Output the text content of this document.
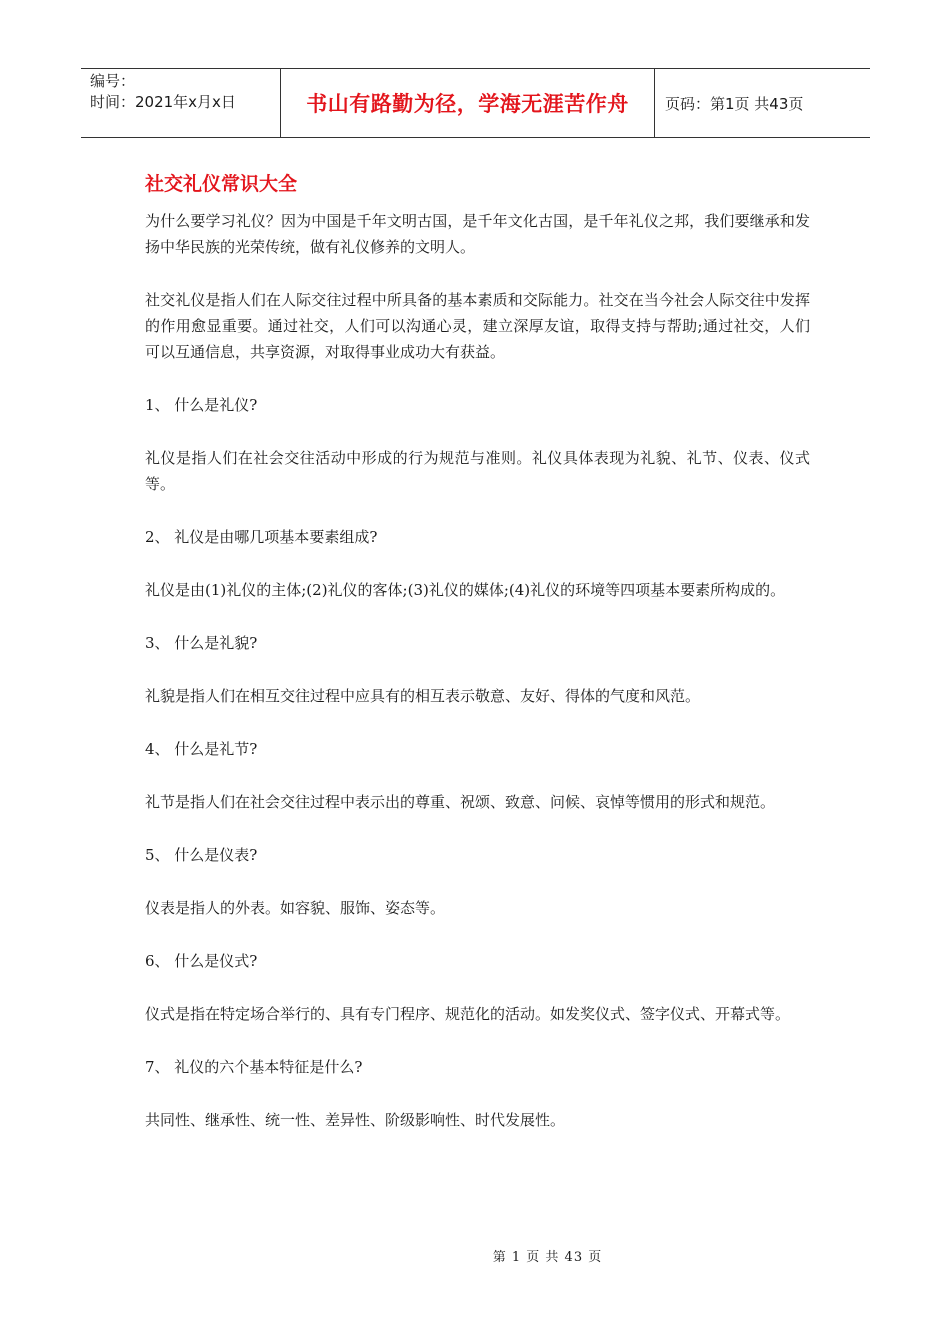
编号：
时间：2021年x月x日	书山有路勤为径，学海无涯苦作舟	页码：第1页 共43页
社交礼仪常识大全

为什么要学习礼仪？因为中国是千年文明古国，是千年文化古国，是千年礼仪之邦，我们要继承和发扬中华民族的光荣传统，做有礼仪修养的文明人。

社交礼仪是指人们在人际交往过程中所具备的基本素质和交际能力。社交在当今社会人际交往中发挥的作用愈显重要。通过社交，人们可以沟通心灵，建立深厚友谊，取得支持与帮助;通过社交，人们可以互通信息，共享资源，对取得事业成功大有获益。

1、 什么是礼仪?

礼仪是指人们在社会交往活动中形成的行为规范与准则。礼仪具体表现为礼貌、礼节、仪表、仪式等。

2、 礼仪是由哪几项基本要素组成?

礼仪是由(1)礼仪的主体;(2)礼仪的客体;(3)礼仪的媒体;(4)礼仪的环境等四项基本要素所构成的。

3、 什么是礼貌?

礼貌是指人们在相互交往过程中应具有的相互表示敬意、友好、得体的气度和风范。

4、 什么是礼节?

礼节是指人们在社会交往过程中表示出的尊重、祝颂、致意、问候、哀悼等惯用的形式和规范。

5、 什么是仪表?

仪表是指人的外表。如容貌、服饰、姿态等。

6、 什么是仪式?

仪式是指在特定场合举行的、具有专门程序、规范化的活动。如发奖仪式、签字仪式、开幕式等。

7、 礼仪的六个基本特征是什么?

共同性、继承性、统一性、差异性、阶级影响性、时代发展性。

第 1 页 共 43 页
